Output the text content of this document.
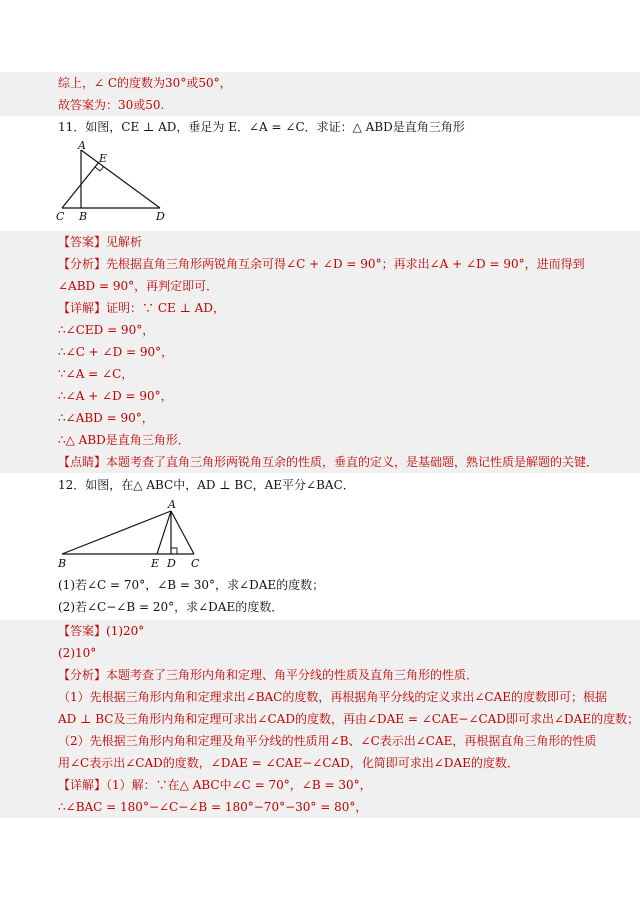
综上，∠ C的度数为30°或50°，
故答案为：30或50.
11．如图，CE ⊥ AD，垂足为 E．∠A = ∠C．求证：△ ABD是直角三角形
A
E
C B	D
【答案】见解析
【分析】先根据直角三角形两锐角互余可得∠C + ∠D = 90°；再求出∠A + ∠D = 90°，进而得到
∠ABD = 90°，再判定即可．
【详解】证明：∵ CE ⊥ AD，
∴∠CED = 90°，
∴∠C + ∠D = 90°，
∵∠A = ∠C，
∴∠A + ∠D = 90°，
∴∠ABD = 90°，
∴△ ABD是直角三角形．
【点睛】本题考查了直角三角形两锐角互余的性质，垂直的定义，是基础题，熟记性质是解题的关键．
12．如图，在△ ABC中，AD ⊥ BC，AE平分∠BAC．
A
B	E D C
(1)若∠C = 70°，∠B = 30°，求∠DAE的度数；
(2)若∠C−∠B = 20°，求∠DAE的度数．
【答案】(1)20°
(2)10°
【分析】本题考查了三角形内角和定理、角平分线的性质及直角三角形的性质．
（1）先根据三角形内角和定理求出∠BAC的度数，再根据角平分线的定义求出∠CAE的度数即可；根据
AD ⊥ BC及三角形内角和定理可求出∠CAD的度数，再由∠DAE = ∠CAE−∠CAD即可求出∠DAE的度数；
（2）先根据三角形内角和定理及角平分线的性质用∠B、∠C表示出∠CAE，再根据直角三角形的性质
用∠C表示出∠CAD的度数，∠DAE = ∠CAE−∠CAD，化简即可求出∠DAE的度数．
【详解】（1）解：∵在△ ABC中∠C = 70°，∠B = 30°，
∴∠BAC = 180°−∠C−∠B = 180°−70°−30° = 80°，
